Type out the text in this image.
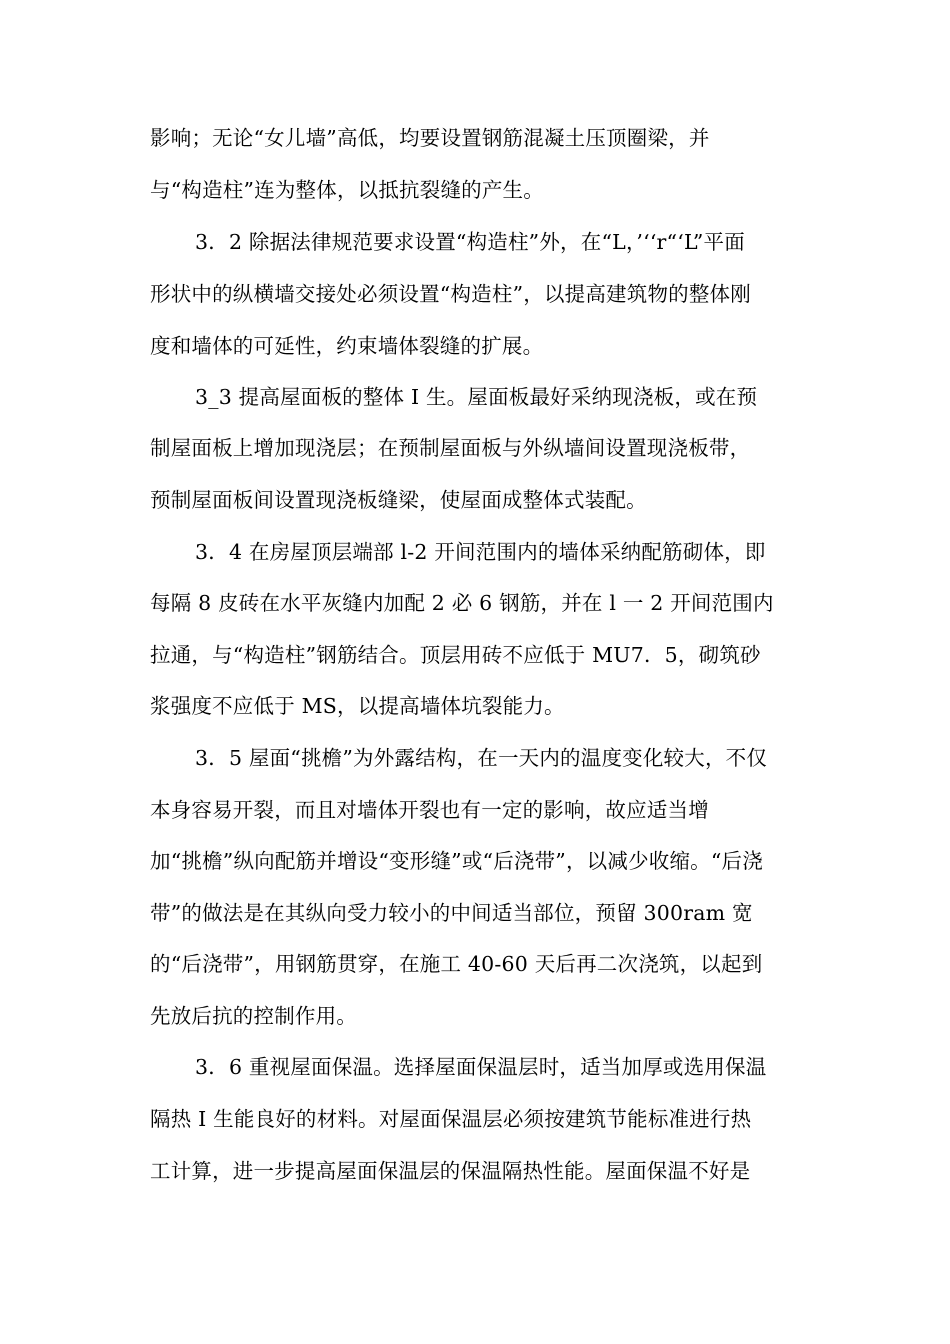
影响；无论“女儿墙”高低，均要设置钢筋混凝土压顶圈梁，并
与“构造柱”连为整体，以抵抗裂缝的产生。
3．2 除据法律规范要求设置“构造柱”外，在“L，’‘‘r“‘L”平面
形状中的纵横墙交接处必须设置“构造柱”，以提高建筑物的整体刚
度和墙体的可延性，约束墙体裂缝的扩展。
3_3 提高屋面板的整体 I 生。屋面板最好采纳现浇板，或在预
制屋面板上增加现浇层；在预制屋面板与外纵墙间设置现浇板带，
预制屋面板间设置现浇板缝梁，使屋面成整体式装配。
3．4 在房屋顶层端部 l-2 开间范围内的墙体采纳配筋砌体，即
每隔 8 皮砖在水平灰缝内加配 2 必 6 钢筋，并在 l 一 2 开间范围内
拉通，与“构造柱”钢筋结合。顶层用砖不应低于 MU7．5，砌筑砂
浆强度不应低于 MS，以提高墙体坑裂能力。
3．5 屋面“挑檐”为外露结构，在一天内的温度变化较大，不仅
本身容易开裂，而且对墙体开裂也有一定的影响，故应适当增
加“挑檐”纵向配筋并增设“变形缝”或“后浇带”，以减少收缩。“后浇
带”的做法是在其纵向受力较小的中间适当部位，预留 300ram 宽
的“后浇带”，用钢筋贯穿，在施工 40-60 天后再二次浇筑，以起到
先放后抗的控制作用。
3．6 重视屋面保温。选择屋面保温层时，适当加厚或选用保温
隔热 I 生能良好的材料。对屋面保温层必须按建筑节能标准进行热
工计算，进一步提高屋面保温层的保温隔热性能。屋面保温不好是
